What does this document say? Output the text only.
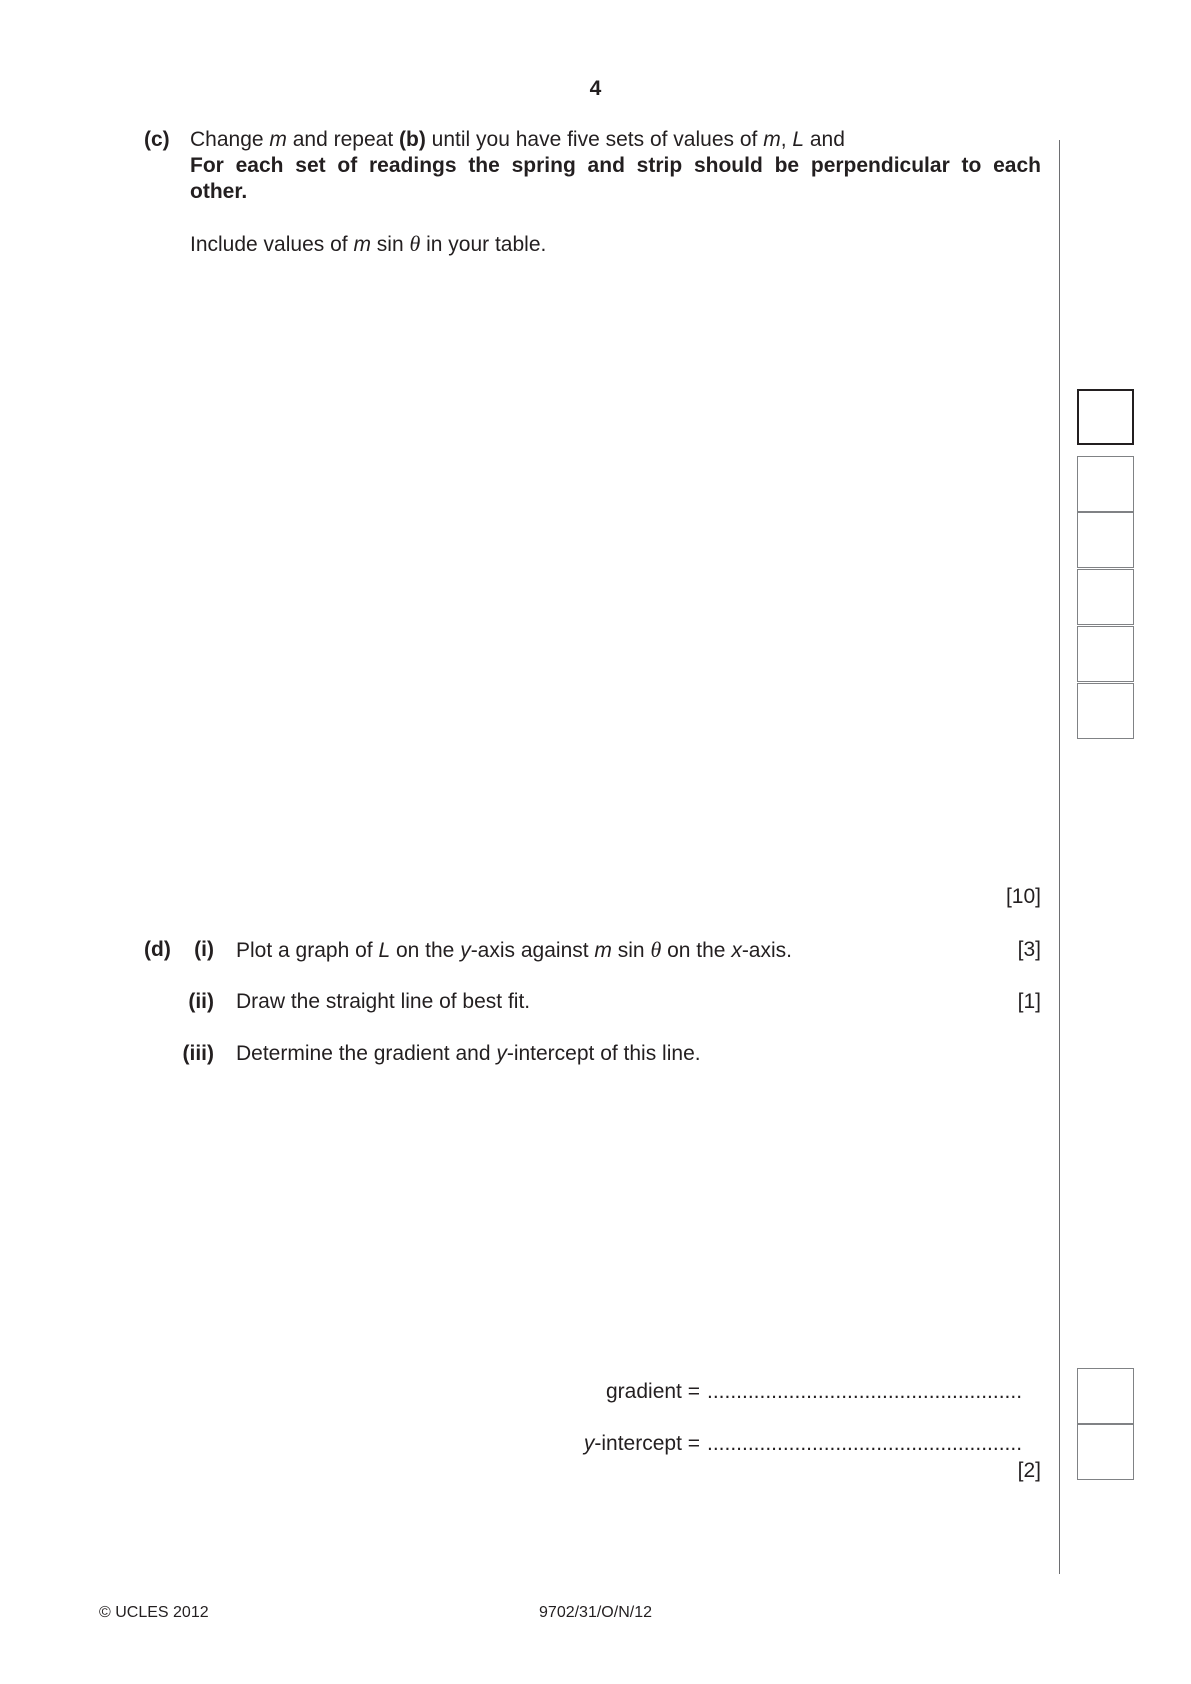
4
(c) Change m and repeat (b) until you have five sets of values of m, L and
For each set of readings the spring and strip should be perpendicular to each
other.
Include values of m sin θ in your table.
[10]
(d)	(i) Plot a graph of L on the y-axis against m sin θ on the x-axis.	[3]
(ii) Draw the straight line of best fit.	[1]
(iii) Determine the gradient and y-intercept of this line.
gradient = ......................................................
y-intercept = ......................................................
[2]
© UCLES 2012	9702/31/O/N/12
